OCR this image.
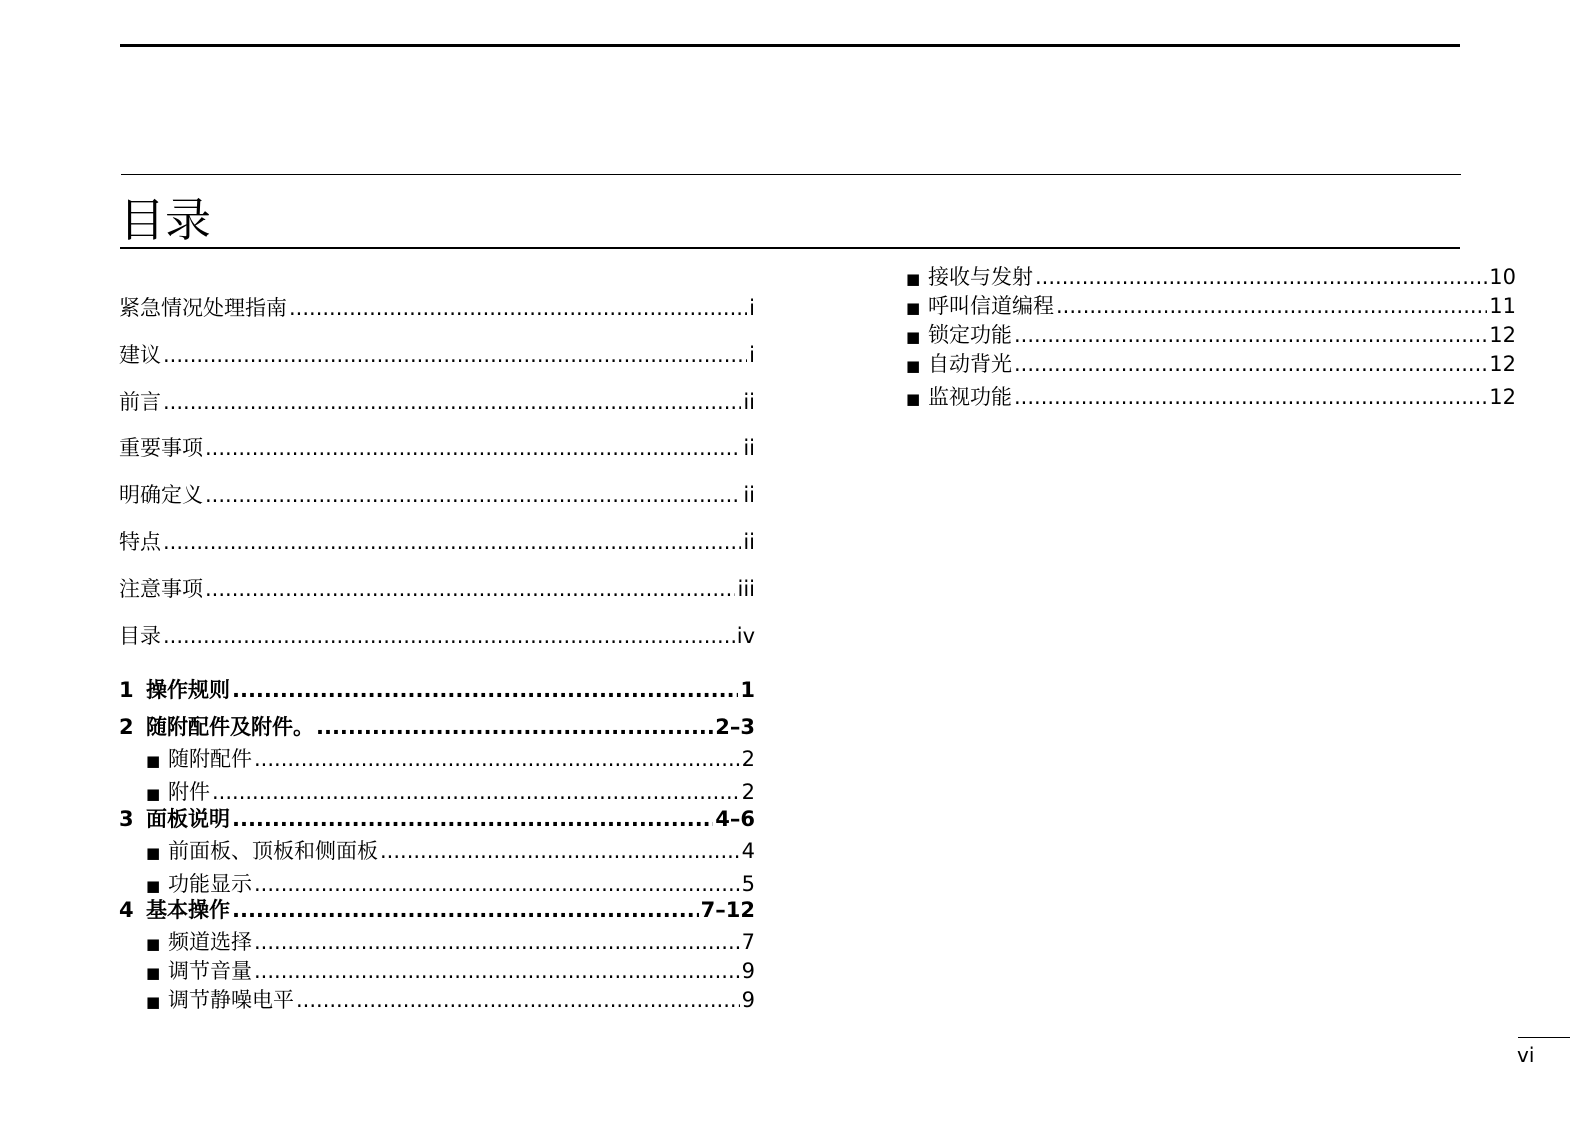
目录
紧急情况处理指南 .....	i
建议 .....	i
前言 .....	ii
重要事项 .....	ii
明确定义 .....	ii
特点 .....	ii
注意事项 .....	iii
目录 .....	iv
1 操作规则 .....	1
2 随附配件及附件。 .....	2–3
■ 随附配件 .....	2
■ 附件 .....	2
3 面板说明 .....	4–6
■ 前面板、顶板和侧面板 .....	4
■ 功能显示 .....	5
4 基本操作 .....	7–12
■ 频道选择 .....	7
■ 调节音量 .....	9
■ 调节静噪电平 .....	9
■ 接收与发射 .....	10
■ 呼叫信道编程 .....	11
■ 锁定功能 .....	12
■ 自动背光 .....	12
■ 监视功能 .....	12
vi
